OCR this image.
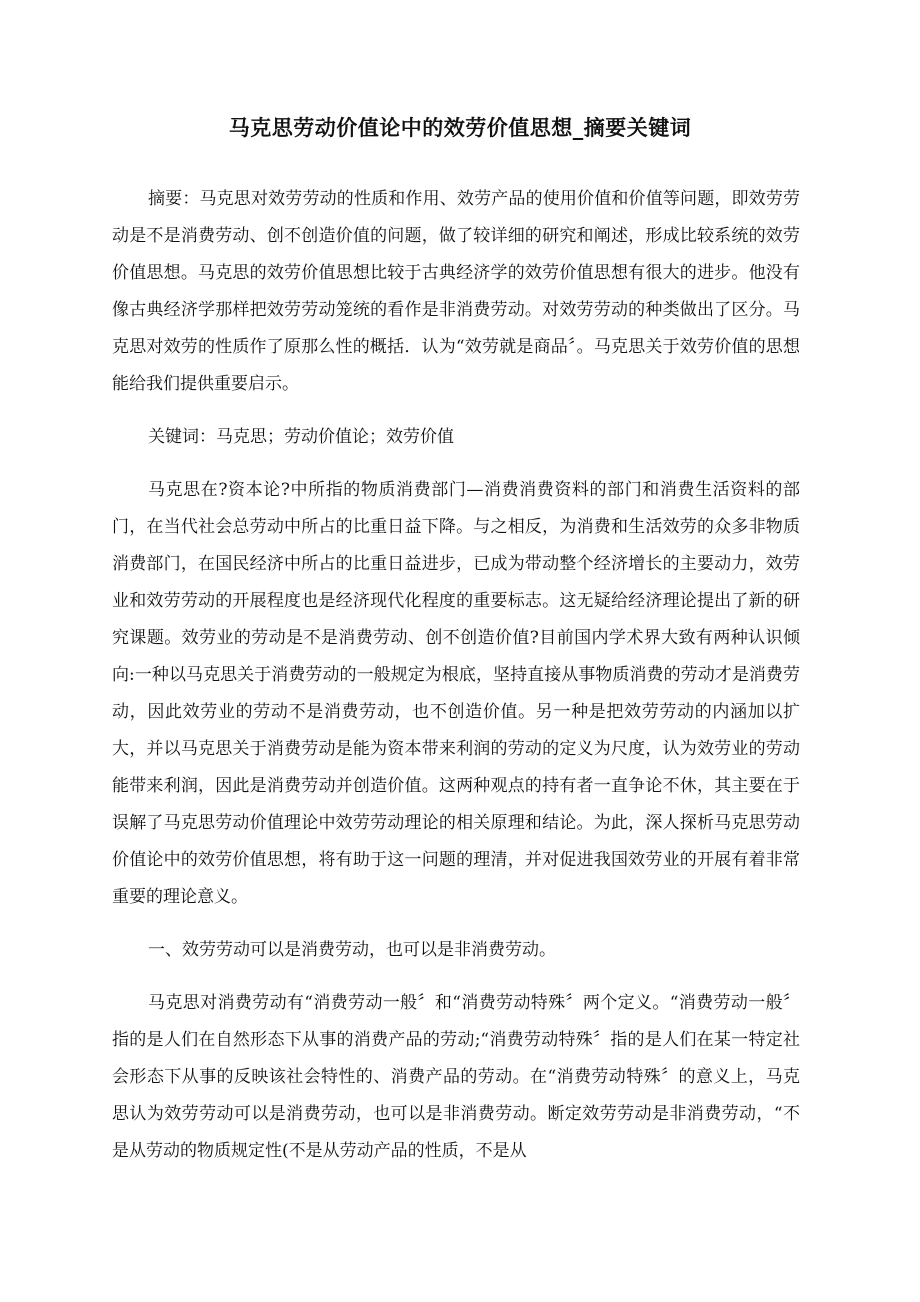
马克思劳动价值论中的效劳价值思想_摘要关键词

摘要：马克思对效劳劳动的性质和作用、效劳产品的使用价值和价值等问题，即效劳劳动是不是消费劳动、创不创造价值的问题，做了较详细的研究和阐述，形成比较系统的效劳价值思想。马克思的效劳价值思想比较于古典经济学的效劳价值思想有很大的进步。他没有像古典经济学那样把效劳劳动笼统的看作是非消费劳动。对效劳劳动的种类做出了区分。马克思对效劳的性质作了原那么性的概括．认为“效劳就是商品〞。马克思关于效劳价值的思想能给我们提供重要启示。

关键词：马克思；劳动价值论；效劳价值

马克思在?资本论?中所指的物质消费部门—消费消费资料的部门和消费生活资料的部门，在当代社会总劳动中所占的比重日益下降。与之相反，为消费和生活效劳的众多非物质消费部门，在国民经济中所占的比重日益进步，已成为带动整个经济增长的主要动力，效劳业和效劳劳动的开展程度也是经济现代化程度的重要标志。这无疑给经济理论提出了新的研究课题。效劳业的劳动是不是消费劳动、创不创造价值?目前国内学术界大致有两种认识倾向:一种以马克思关于消费劳动的一般规定为根底，坚持直接从事物质消费的劳动才是消费劳动，因此效劳业的劳动不是消费劳动，也不创造价值。另一种是把效劳劳动的内涵加以扩大，并以马克思关于消费劳动是能为资本带来利润的劳动的定义为尺度，认为效劳业的劳动能带来利润，因此是消费劳动并创造价值。这两种观点的持有者一直争论不休，其主要在于误解了马克思劳动价值理论中效劳劳动理论的相关原理和结论。为此，深人探析马克思劳动价值论中的效劳价值思想，将有助于这一问题的理清，并对促进我国效劳业的开展有着非常重要的理论意义。

一、效劳劳动可以是消费劳动，也可以是非消费劳动。

马克思对消费劳动有“消费劳动一般〞和“消费劳动特殊〞两个定义。“消费劳动一般〞指的是人们在自然形态下从事的消费产品的劳动;“消费劳动特殊〞指的是人们在某一特定社会形态下从事的反映该社会特性的、消费产品的劳动。在“消费劳动特殊〞的意义上，马克思认为效劳劳动可以是消费劳动，也可以是非消费劳动。断定效劳劳动是非消费劳动，“不是从劳动的物质规定性(不是从劳动产品的性质，不是从
